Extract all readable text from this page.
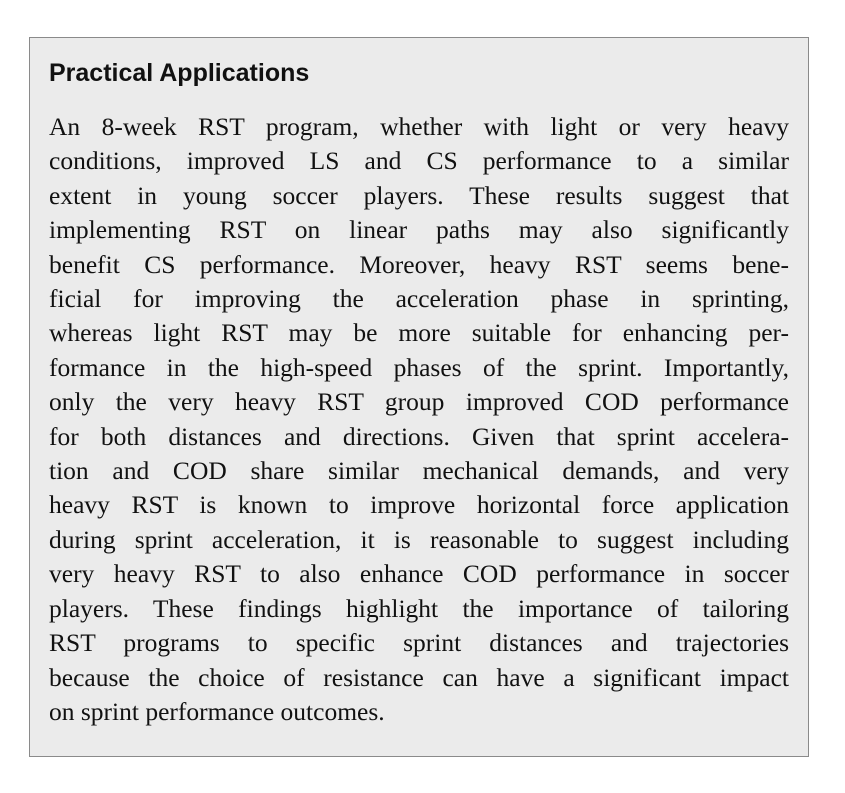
Practical Applications
An 8-week RST program, whether with light or very heavy
conditions, improved LS and CS performance to a similar
extent in young soccer players. These results suggest that
implementing RST on linear paths may also significantly
benefit CS performance. Moreover, heavy RST seems bene-
ficial for improving the acceleration phase in sprinting,
whereas light RST may be more suitable for enhancing per-
formance in the high-speed phases of the sprint. Importantly,
only the very heavy RST group improved COD performance
for both distances and directions. Given that sprint accelera-
tion and COD share similar mechanical demands, and very
heavy RST is known to improve horizontal force application
during sprint acceleration, it is reasonable to suggest including
very heavy RST to also enhance COD performance in soccer
players. These findings highlight the importance of tailoring
RST programs to specific sprint distances and trajectories
because the choice of resistance can have a significant impact
on sprint performance outcomes.
